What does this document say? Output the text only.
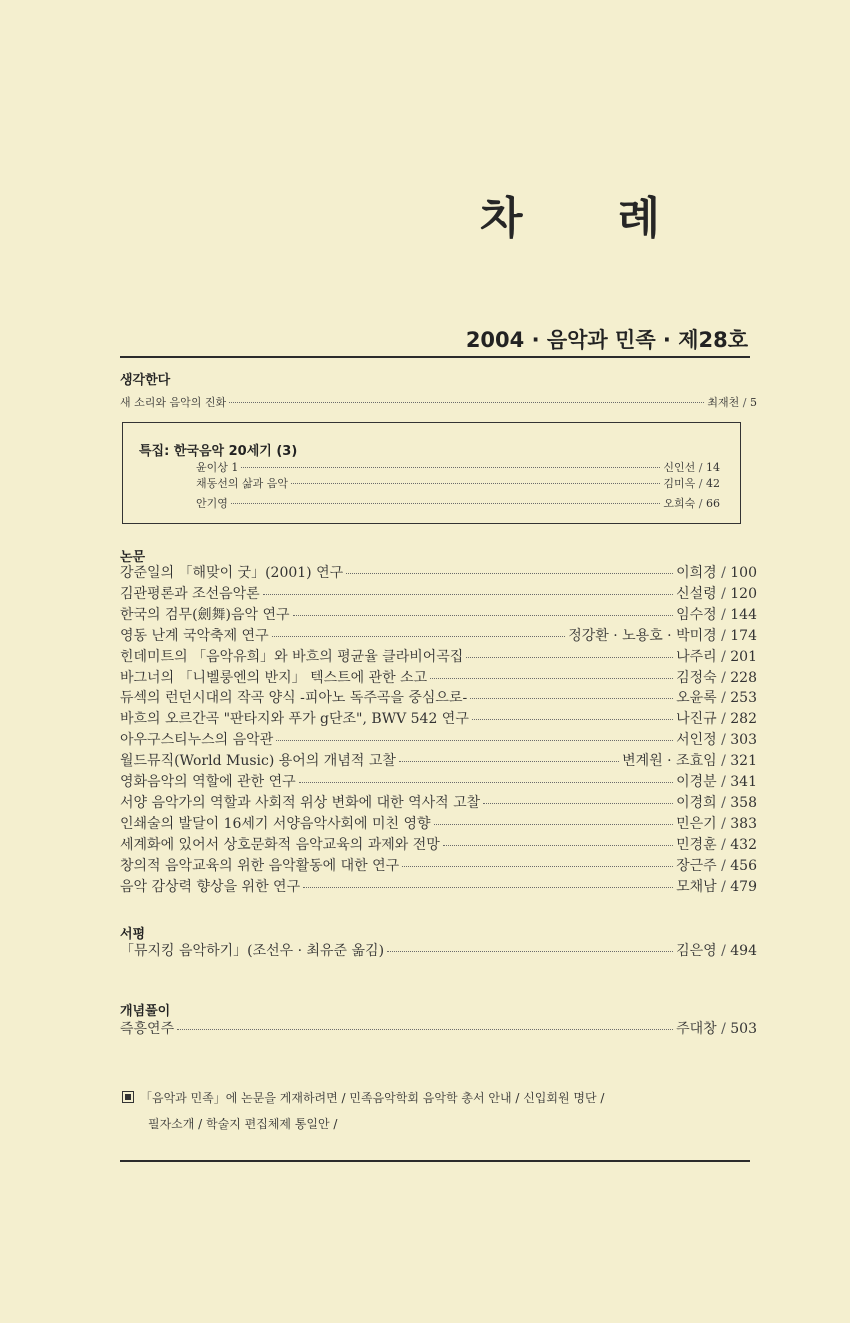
차 례
2004 · 음악과 민족 · 제28호
생각한다
새 소리와 음악의 진화	최재천 / 5
특집: 한국음악 20세기 (3)
윤이상 1	신인선 / 14
채동선의 삶과 음악	김미옥 / 42
안기영	오희숙 / 66
논문
강준일의 「해맞이 굿」(2001) 연구	이희경 / 100
김관평론과 조선음악론	신설령 / 120
한국의 검무(劍舞)음악 연구	임수정 / 144
영동 난계 국악축제 연구	정강환 · 노용호 · 박미경 / 174
힌데미트의 「음악유희」와 바흐의 평균율 클라비어곡집	나주리 / 201
바그너의 「니벨룽엔의 반지」 텍스트에 관한 소고	김정숙 / 228
듀섹의 런던시대의 작곡 양식 -피아노 독주곡을 중심으로-	오윤록 / 253
바흐의 오르간곡 "판타지와 푸가 g단조", BWV 542 연구	나진규 / 282
아우구스티누스의 음악관	서인정 / 303
월드뮤직(World Music) 용어의 개념적 고찰	변계원 · 조효임 / 321
영화음악의 역할에 관한 연구	이경분 / 341
서양 음악가의 역할과 사회적 위상 변화에 대한 역사적 고찰	이경희 / 358
인쇄술의 발달이 16세기 서양음악사회에 미친 영향	민은기 / 383
세계화에 있어서 상호문화적 음악교육의 과제와 전망	민경훈 / 432
창의적 음악교육의 위한 음악활동에 대한 연구	장근주 / 456
음악 감상력 향상을 위한 연구	모채남 / 479
서평
「뮤지킹 음악하기」(조선우 · 최유준 옮김)	김은영 / 494
개념풀이
즉흥연주	주대창 / 503
「음악과 민족」에 논문을 게재하려면 / 민족음악학회 음악학 총서 안내 / 신입회원 명단 /
필자소개 / 학술지 편집체제 통일안 /
